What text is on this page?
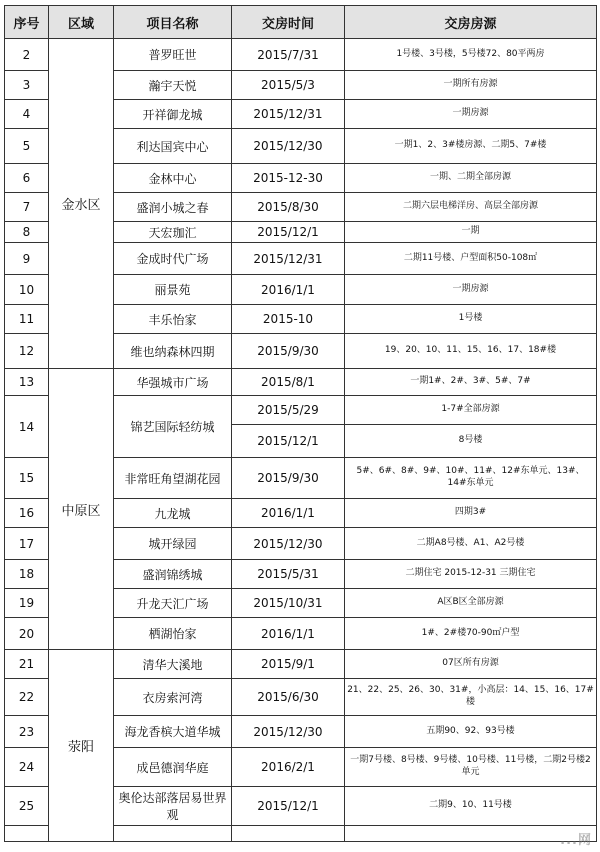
序号	区域	项目名称	交房时间	交房房源
2	金水区	普罗旺世	2015/7/31	1号楼、3号楼，5号楼72、80平两房
3		瀚宇天悦	2015/5/3	一期所有房源
4		开祥御龙城	2015/12/31	一期房源
5		利达国宾中心	2015/12/30	一期1、2、3#楼房源、二期5、7#楼
6		金林中心	2015-12-30	一期、二期全部房源
7		盛润小城之春	2015/8/30	二期六层电梯洋房、高层全部房源
8		天宏珈汇	2015/12/1	一期
9		金成时代广场	2015/12/31	二期11号楼、户型面积50-108㎡
10		丽景苑	2016/1/1	一期房源
11		丰乐怡家	2015-10	1号楼
12		维也纳森林四期	2015/9/30	19、20、10、11、15、16、17、18#楼
13	中原区	华强城市广场	2015/8/1	一期1#、2#、3#、5#、7#
14		锦艺国际轻纺城	2015/5/29	1-7#全部房源
			2015/12/1	8号楼
15		非常旺角望湖花园	2015/9/30	5#、6#、8#、9#、10#、11#、12#东单元、13#、14#东单元
16		九龙城	2016/1/1	四期3#
17		城开绿园	2015/12/30	二期A8号楼、A1、A2号楼
18		盛润锦绣城	2015/5/31	二期住宅 2015-12-31 三期住宅
19		升龙天汇广场	2015/10/31	A区B区全部房源
20		栖湖怡家	2016/1/1	1#、2#楼70-90㎡户型
21	荥阳	清华大溪地	2015/9/1	07区所有房源
22		衣房索河湾	2015/6/30	21、22、25、26、30、31#，小高层：14、15、16、17#楼
23		海龙香槟大道华城	2015/12/30	五期90、92、93号楼
24		成邑德润华庭	2016/2/1	一期7号楼、8号楼、9号楼、10号楼、11号楼，二期2号楼2单元
25		奥伦达部落居易世界观	2015/12/1	二期9、10、11号楼

...网
